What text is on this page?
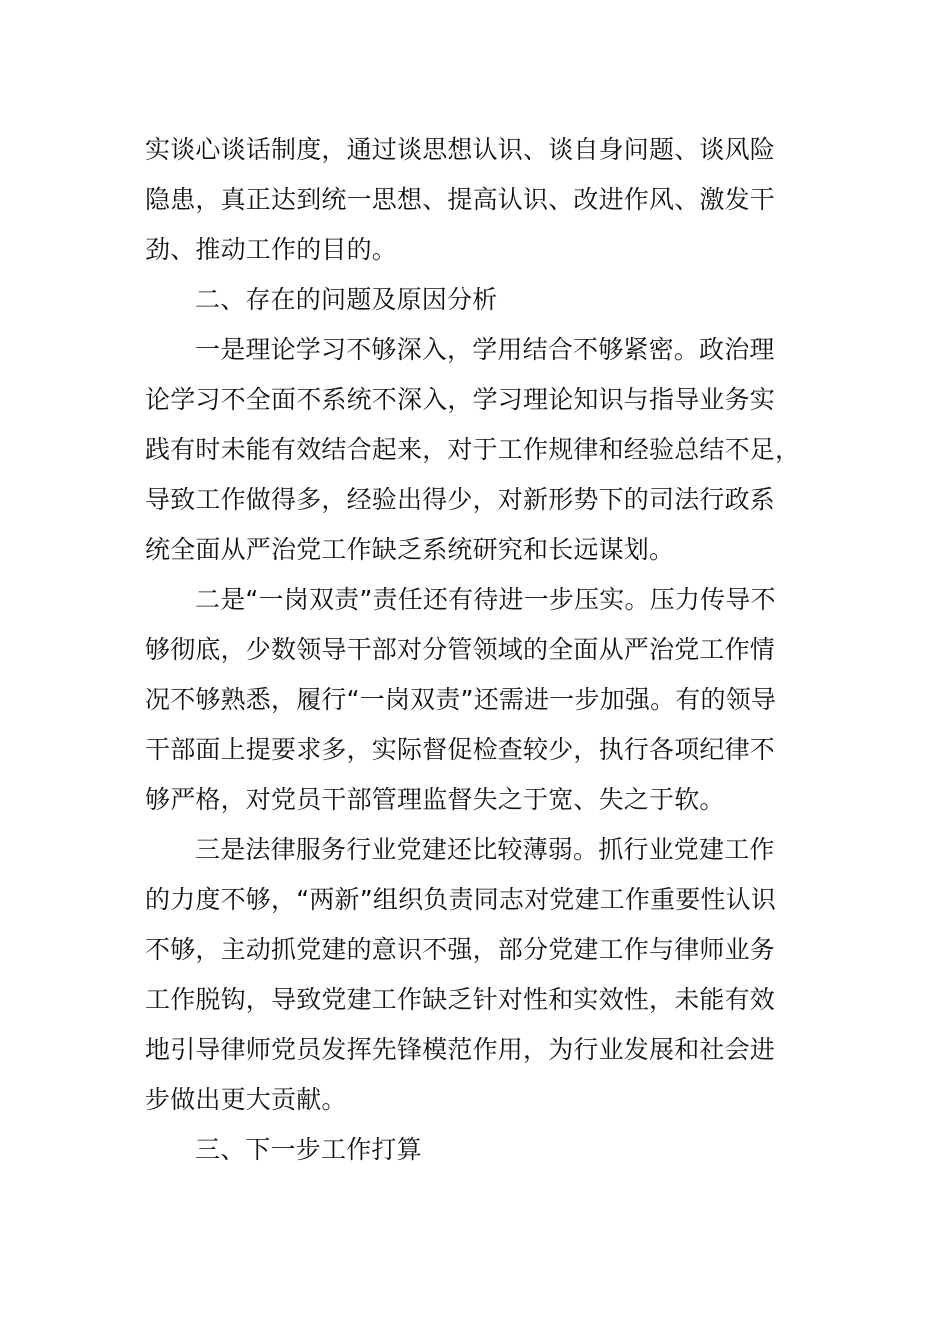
实谈心谈话制度，通过谈思想认识、谈自身问题、谈风险
隐患，真正达到统一思想、提高认识、改进作风、激发干
劲、推动工作的目的。
二、存在的问题及原因分析
一是理论学习不够深入，学用结合不够紧密。政治理
论学习不全面不系统不深入，学习理论知识与指导业务实
践有时未能有效结合起来，对于工作规律和经验总结不足，
导致工作做得多，经验出得少，对新形势下的司法行政系
统全面从严治党工作缺乏系统研究和长远谋划。
二是“一岗双责”责任还有待进一步压实。压力传导不
够彻底，少数领导干部对分管领域的全面从严治党工作情
况不够熟悉，履行“一岗双责”还需进一步加强。有的领导
干部面上提要求多，实际督促检查较少，执行各项纪律不
够严格，对党员干部管理监督失之于宽、失之于软。
三是法律服务行业党建还比较薄弱。抓行业党建工作
的力度不够，“两新”组织负责同志对党建工作重要性认识
不够，主动抓党建的意识不强，部分党建工作与律师业务
工作脱钩，导致党建工作缺乏针对性和实效性，未能有效
地引导律师党员发挥先锋模范作用，为行业发展和社会进
步做出更大贡献。
三、下一步工作打算
